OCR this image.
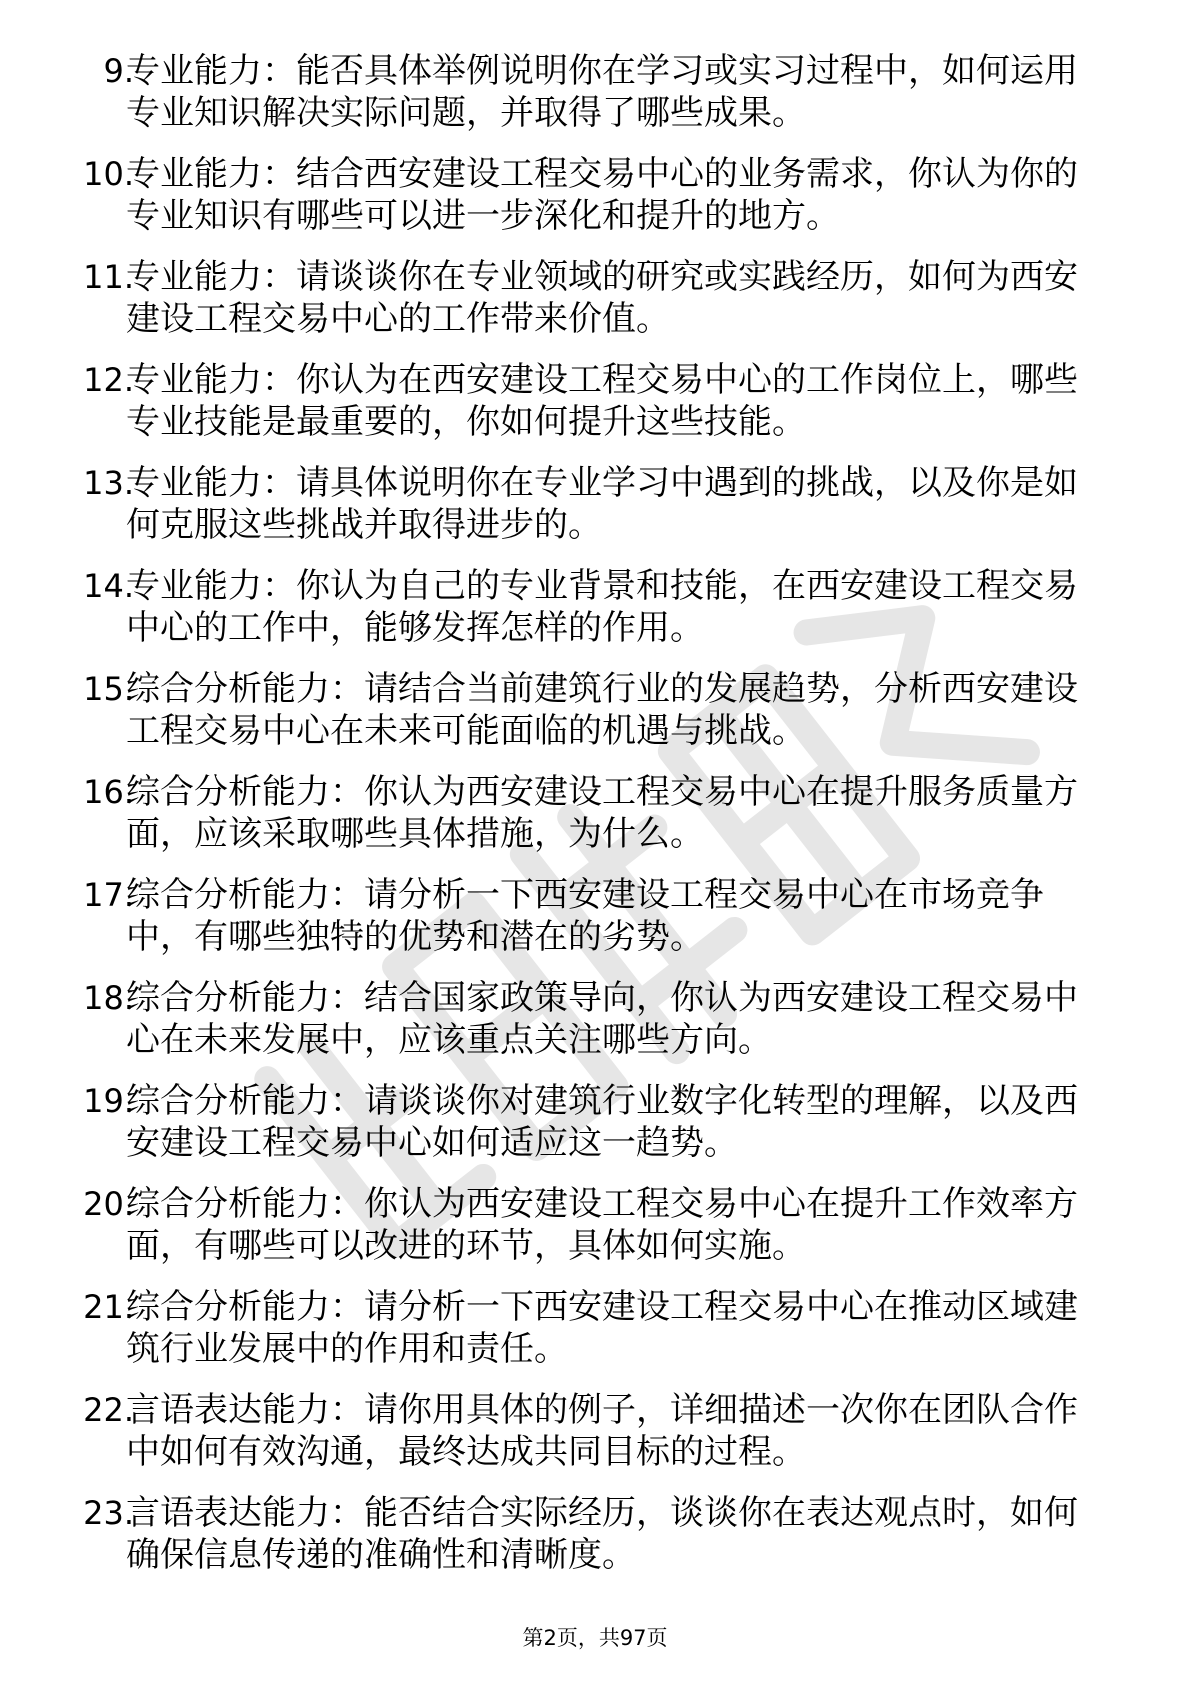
9.

专业能力：能否具体举例说明你在学习或实习过程中，如何运用
专业知识解决实际问题，并取得了哪些成果。

10.

专业能力：结合西安建设工程交易中心的业务需求，你认为你的
专业知识有哪些可以进一步深化和提升的地方。

11.

专业能力：请谈谈你在专业领域的研究或实践经历，如何为西安
建设工程交易中心的工作带来价值。

12.

专业能力：你认为在西安建设工程交易中心的工作岗位上，哪些
专业技能是最重要的，你如何提升这些技能。

13.

专业能力：请具体说明你在专业学习中遇到的挑战，以及你是如
何克服这些挑战并取得进步的。

14.

专业能力：你认为自己的专业背景和技能，在西安建设工程交易
中心的工作中，能够发挥怎样的作用。

15.

综合分析能力：请结合当前建筑行业的发展趋势，分析西安建设
工程交易中心在未来可能面临的机遇与挑战。

16.

综合分析能力：你认为西安建设工程交易中心在提升服务质量方
面，应该采取哪些具体措施，为什么。

17.

综合分析能力：请分析一下西安建设工程交易中心在市场竞争
中，有哪些独特的优势和潜在的劣势。

18.

综合分析能力：结合国家政策导向，你认为西安建设工程交易中
心在未来发展中，应该重点关注哪些方向。

19.

综合分析能力：请谈谈你对建筑行业数字化转型的理解，以及西
安建设工程交易中心如何适应这一趋势。

20.

综合分析能力：你认为西安建设工程交易中心在提升工作效率方
面，有哪些可以改进的环节，具体如何实施。

21.

综合分析能力：请分析一下西安建设工程交易中心在推动区域建
筑行业发展中的作用和责任。

22.

言语表达能力：请你用具体的例子，详细描述一次你在团队合作
中如何有效沟通，最终达成共同目标的过程。

23.

言语表达能力：能否结合实际经历，谈谈你在表达观点时，如何
确保信息传递的准确性和清晰度。

第2页，共97页
